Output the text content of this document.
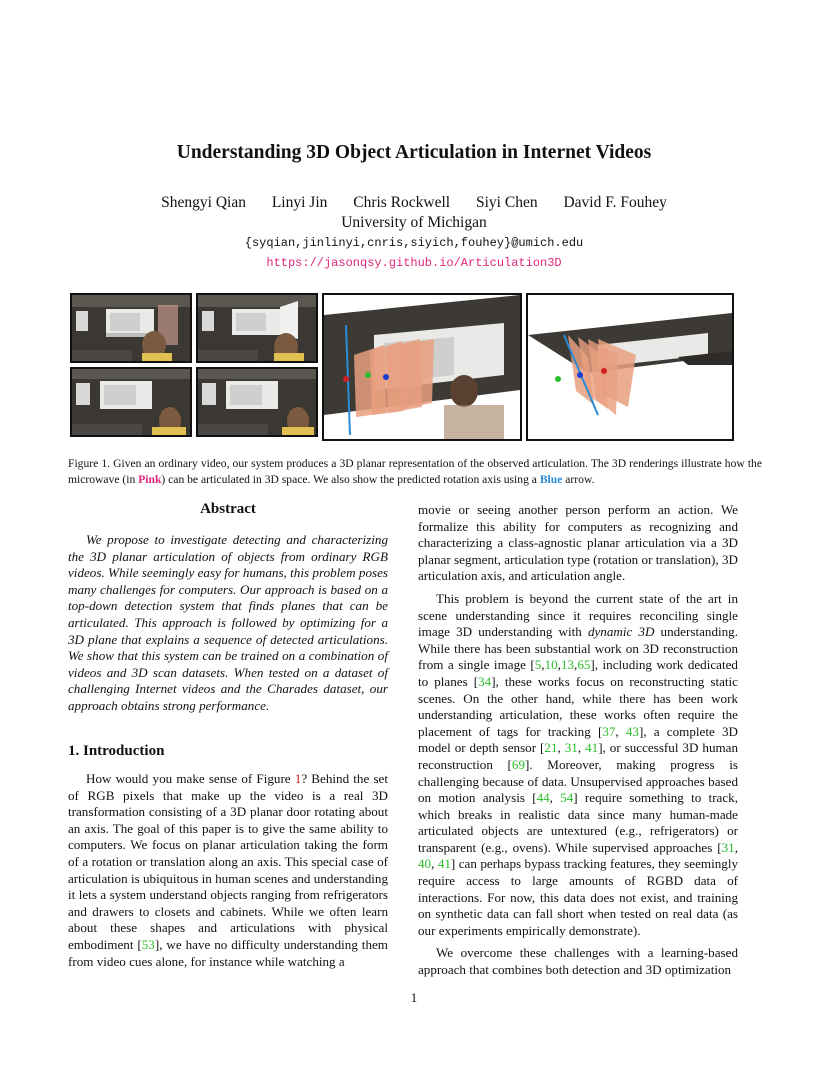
Understanding 3D Object Articulation in Internet Videos
Shengyi Qian Linyi Jin Chris Rockwell Siyi Chen David F. Fouhey
University of Michigan
{syqian,jinlinyi,cnris,siyich,fouhey}@umich.edu
https://jasonqsy.github.io/Articulation3D
Figure 1. Given an ordinary video, our system produces a 3D planar representation of the observed articulation. The 3D renderings illustrate how the microwave (in Pink) can be articulated in 3D space. We also show the predicted rotation axis using a Blue arrow.
Abstract

We propose to investigate detecting and characterizing the 3D planar articulation of objects from ordinary RGB videos. While seemingly easy for humans, this problem poses many challenges for computers. Our approach is based on a top-down detection system that finds planes that can be articulated. This approach is followed by optimizing for a 3D plane that explains a sequence of detected articulations. We show that this system can be trained on a combination of videos and 3D scan datasets. When tested on a dataset of challenging Internet videos and the Charades dataset, our approach obtains strong performance.

1. Introduction

How would you make sense of Figure 1? Behind the set of RGB pixels that make up the video is a real 3D transformation consisting of a 3D planar door rotating about an axis. The goal of this paper is to give the same ability to computers. We focus on planar articulation taking the form of a rotation or translation along an axis. This special case of articulation is ubiquitous in human scenes and understanding it lets a system understand objects ranging from refrigerators and drawers to closets and cabinets. While we often learn about these shapes and articulations with physical embodiment [53], we have no difficulty understanding them from video cues alone, for instance while watching a

movie or seeing another person perform an action. We formalize this ability for computers as recognizing and characterizing a class-agnostic planar articulation via a 3D planar segment, articulation type (rotation or translation), 3D articulation axis, and articulation angle.

This problem is beyond the current state of the art in scene understanding since it requires reconciling single image 3D understanding with dynamic 3D understanding. While there has been substantial work on 3D reconstruction from a single image [5,10,13,65], including work dedicated to planes [34], these works focus on reconstructing static scenes. On the other hand, while there has been work understanding articulation, these works often require the placement of tags for tracking [37, 43], a complete 3D model or depth sensor [21, 31, 41], or successful 3D human reconstruction [69]. Moreover, making progress is challenging because of data. Unsupervised approaches based on motion analysis [44, 54] require something to track, which breaks in realistic data since many human-made articulated objects are untextured (e.g., refrigerators) or transparent (e.g., ovens). While supervised approaches [31, 40, 41] can perhaps bypass tracking features, they seemingly require access to large amounts of RGBD data of interactions. For now, this data does not exist, and training on synthetic data can fall short when tested on real data (as our experiments empirically demonstrate).

We overcome these challenges with a learning-based approach that combines both detection and 3D optimization

1
